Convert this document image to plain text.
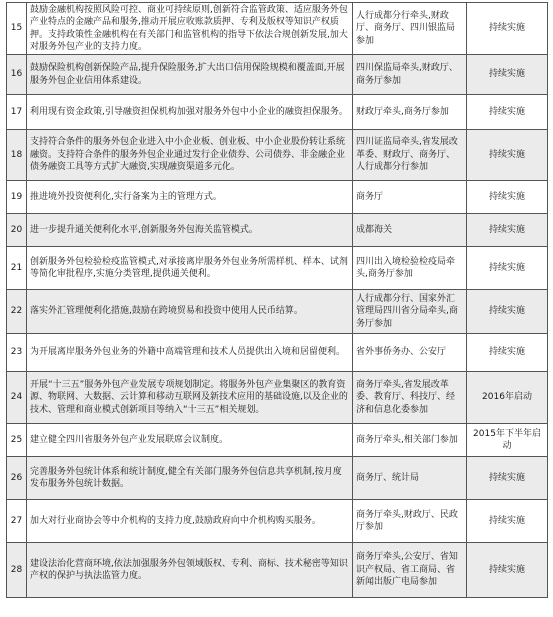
15	鼓励金融机构按照风险可控、商业可持续原则,创新符合监管政策、适应服务外包产业特点的金融产品和服务,推动开展应收账款质押、专利及版权等知识产权质押。支持政策性金融机构在有关部门和监管机构的指导下依法合规创新发展,加大对服务外包产业的支持力度。	人行成都分行牵头,财政厅、商务厅、四川银监局参加	持续实施
16	鼓励保险机构创新保险产品,提升保险服务,扩大出口信用保险规模和覆盖面,开展服务外包企业信用体系建设。	四川保监局牵头,财政厅、商务厅参加	持续实施
17	利用现有资金政策,引导融资担保机构加强对服务外包中小企业的融资担保服务。	财政厅牵头,商务厅参加	持续实施
18	支持符合条件的服务外包企业进入中小企业板、创业板、中小企业股份转让系统融资。支持符合条件的服务外包企业通过发行企业债券、公司债券、非金融企业债务融资工具等方式扩大融资,实现融资渠道多元化。	四川证监局牵头,省发展改革委、财政厅、商务厅、人行成都分行参加	持续实施
19	推进境外投资便利化,实行备案为主的管理方式。	商务厅	持续实施
20	进一步提升通关便利化水平,创新服务外包海关监管模式。	成都海关	持续实施
21	创新服务外包检验检疫监管模式,对承接离岸服务外包业务所需样机、样本、试剂等简化审批程序,实施分类管理,提供通关便利。	四川出入境检验检疫局牵头,商务厅参加	持续实施
22	落实外汇管理便利化措施,鼓励在跨境贸易和投资中使用人民币结算。	人行成都分行、国家外汇管理局四川省分局牵头,商务厅参加	持续实施
23	为开展离岸服务外包业务的外籍中高端管理和技术人员提供出入境和居留便利。	省外事侨务办、公安厅	持续实施
24	开展“十三五”服务外包产业发展专项规划制定。将服务外包产业集聚区的教育资源、物联网、大数据、云计算和移动互联网及新技术应用的基础设施,以及企业的技术、管理和商业模式创新项目等纳入“十三五”相关规划。	商务厅牵头,省发展改革委、教育厅、科技厅、经济和信息化委参加	2016年启动
25	建立健全四川省服务外包产业发展联席会议制度。	商务厅牵头,相关部门参加	2015年下半年启动
26	完善服务外包统计体系和统计制度,健全有关部门服务外包信息共享机制,按月度发布服务外包统计数据。	商务厅、统计局	持续实施
27	加大对行业商协会等中介机构的支持力度,鼓励政府向中介机构购买服务。	商务厅牵头,财政厅、民政厅参加	持续实施
28	建设法治化营商环境,依法加强服务外包领域版权、专利、商标、技术秘密等知识产权的保护与执法监管力度。	商务厅牵头,公安厅、省知识产权局、省工商局、省新闻出版广电局参加	持续实施
